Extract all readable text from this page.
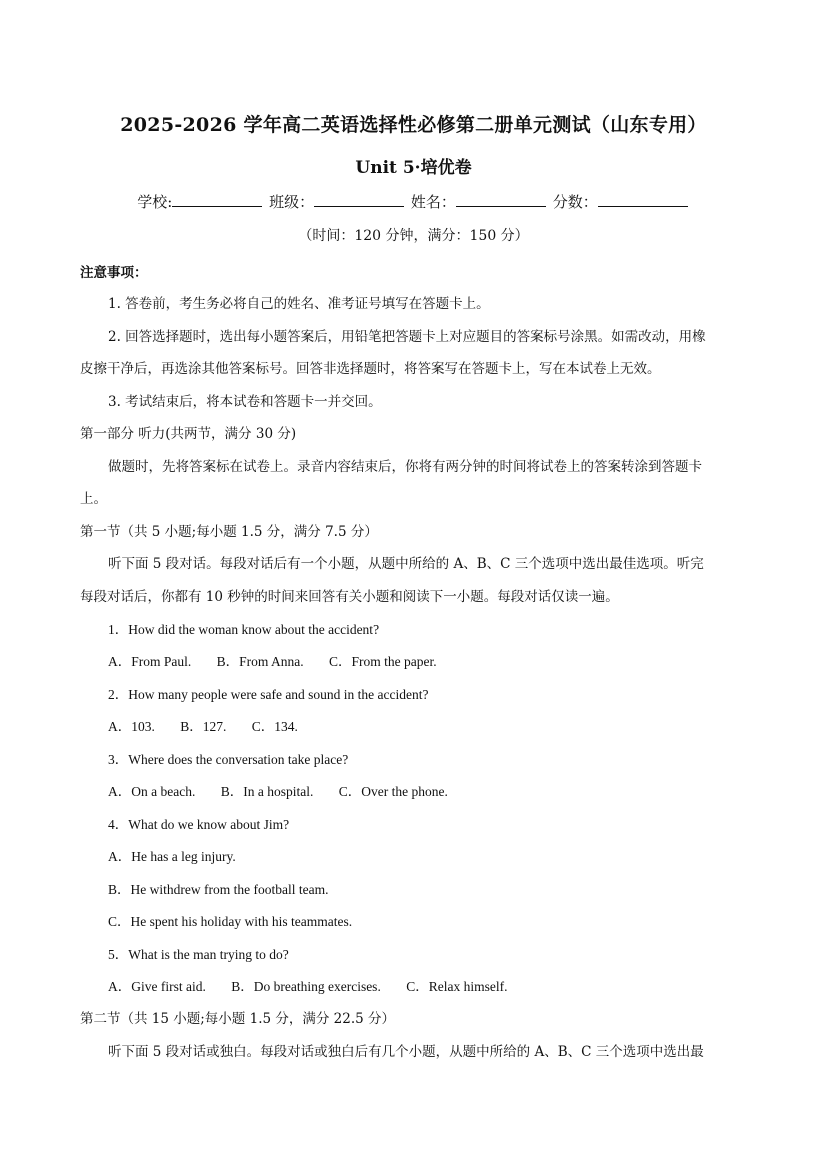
2025-2026 学年高二英语选择性必修第二册单元测试（山东专用）
Unit 5·培优卷
学校:	班级：	姓名：	分数：
（时间：120 分钟，满分：150 分）
注意事项：
1. 答卷前，考生务必将自己的姓名、准考证号填写在答题卡上。
2. 回答选择题时，选出每小题答案后，用铅笔把答题卡上对应题目的答案标号涂黑。如需改动，用橡
皮擦干净后，再选涂其他答案标号。回答非选择题时，将答案写在答题卡上，写在本试卷上无效。
3. 考试结束后，将本试卷和答题卡一并交回。
第一部分 听力(共两节，满分 30 分)
做题时，先将答案标在试卷上。录音内容结束后，你将有两分钟的时间将试卷上的答案转涂到答题卡
上。
第一节（共 5 小题;每小题 1.5 分，满分 7.5 分）
听下面 5 段对话。每段对话后有一个小题，从题中所给的 A、B、C 三个选项中选出最佳选项。听完
每段对话后，你都有 10 秒钟的时间来回答有关小题和阅读下一小题。每段对话仅读一遍。
1．How did the woman know about the accident?
A．From Paul. B．From Anna. C．From the paper.
2．How many people were safe and sound in the accident?
A．103. B．127. C．134.
3．Where does the conversation take place?
A．On a beach. B．In a hospital. C．Over the phone.
4．What do we know about Jim?
A．He has a leg injury.
B．He withdrew from the football team.
C．He spent his holiday with his teammates.
5．What is the man trying to do?
A．Give first aid. B．Do breathing exercises. C．Relax himself.
第二节（共 15 小题;每小题 1.5 分，满分 22.5 分）
听下面 5 段对话或独白。每段对话或独白后有几个小题，从题中所给的 A、B、C 三个选项中选出最
